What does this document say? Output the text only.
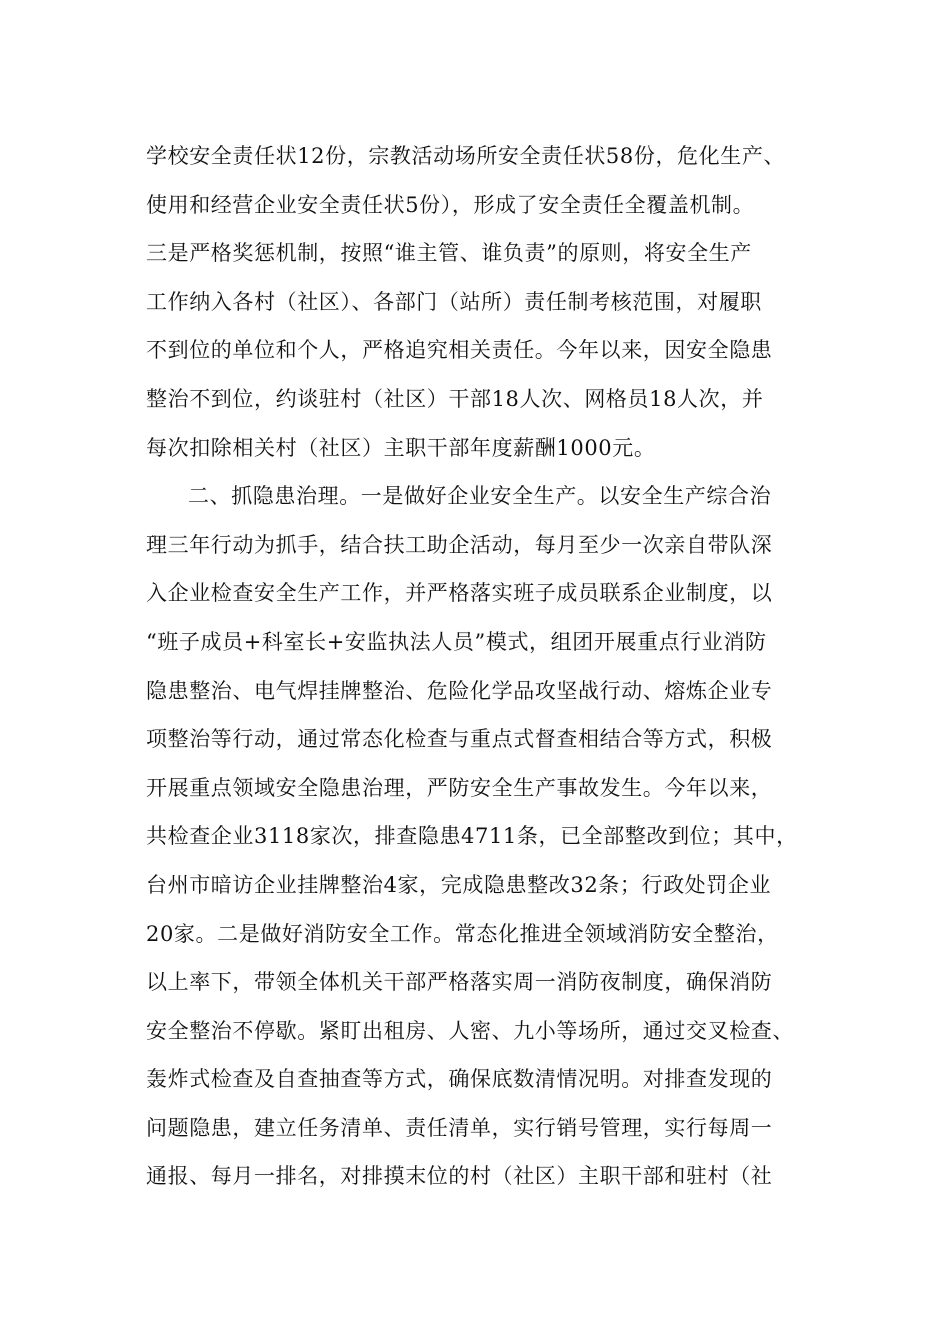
学校安全责任状12份，宗教活动场所安全责任状58份，危化生产、
使用和经营企业安全责任状5份），形成了安全责任全覆盖机制。
三是严格奖惩机制，按照“谁主管、谁负责”的原则，将安全生产
工作纳入各村（社区）、各部门（站所）责任制考核范围，对履职
不到位的单位和个人，严格追究相关责任。今年以来，因安全隐患
整治不到位，约谈驻村（社区）干部18人次、网格员18人次，并
每次扣除相关村（社区）主职干部年度薪酬1000元。
二、抓隐患治理。一是做好企业安全生产。以安全生产综合治
理三年行动为抓手，结合扶工助企活动，每月至少一次亲自带队深
入企业检查安全生产工作，并严格落实班子成员联系企业制度，以
“班子成员+科室长+安监执法人员”模式，组团开展重点行业消防
隐患整治、电气焊挂牌整治、危险化学品攻坚战行动、熔炼企业专
项整治等行动，通过常态化检查与重点式督查相结合等方式，积极
开展重点领域安全隐患治理，严防安全生产事故发生。今年以来，
共检查企业3118家次，排查隐患4711条，已全部整改到位；其中，
台州市暗访企业挂牌整治4家，完成隐患整改32条；行政处罚企业
20家。二是做好消防安全工作。常态化推进全领域消防安全整治，
以上率下，带领全体机关干部严格落实周一消防夜制度，确保消防
安全整治不停歇。紧盯出租房、人密、九小等场所，通过交叉检查、
轰炸式检查及自查抽查等方式，确保底数清情况明。对排查发现的
问题隐患，建立任务清单、责任清单，实行销号管理，实行每周一
通报、每月一排名，对排摸末位的村（社区）主职干部和驻村（社
